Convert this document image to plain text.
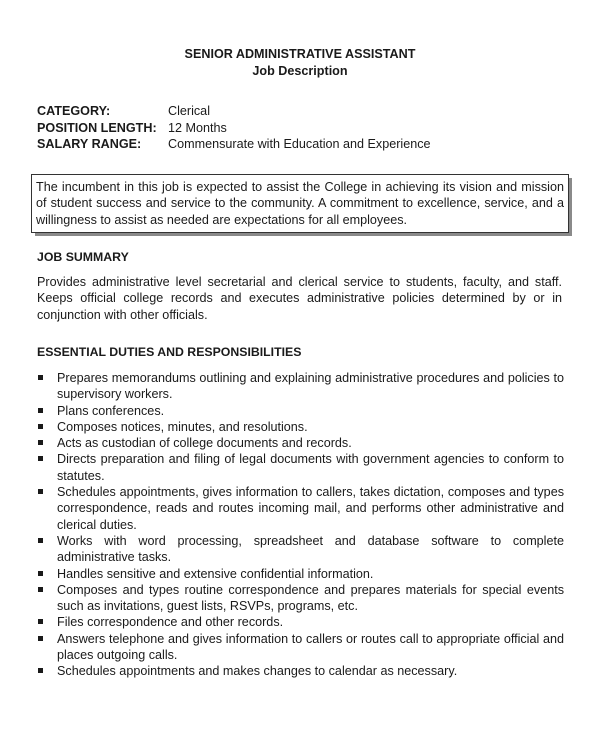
SENIOR ADMINISTRATIVE ASSISTANT
Job Description
CATEGORY:	Clerical
POSITION LENGTH: 12 Months
SALARY RANGE:	Commensurate with Education and Experience
The incumbent in this job is expected to assist the College in achieving its vision and mission of student success and service to the community. A commitment to excellence, service, and a willingness to assist as needed are expectations for all employees.
JOB SUMMARY
Provides administrative level secretarial and clerical service to students, faculty, and staff. Keeps official college records and executes administrative policies determined by or in conjunction with other officials.
ESSENTIAL DUTIES AND RESPONSIBILITIES
Prepares memorandums outlining and explaining administrative procedures and policies to supervisory workers.
Plans conferences.
Composes notices, minutes, and resolutions.
Acts as custodian of college documents and records.
Directs preparation and filing of legal documents with government agencies to conform to statutes.
Schedules appointments, gives information to callers, takes dictation, composes and types correspondence, reads and routes incoming mail, and performs other administrative and clerical duties.
Works with word processing, spreadsheet and database software to complete administrative tasks.
Handles sensitive and extensive confidential information.
Composes and types routine correspondence and prepares materials for special events such as invitations, guest lists, RSVPs, programs, etc.
Files correspondence and other records.
Answers telephone and gives information to callers or routes call to appropriate official and places outgoing calls.
Schedules appointments and makes changes to calendar as necessary.
